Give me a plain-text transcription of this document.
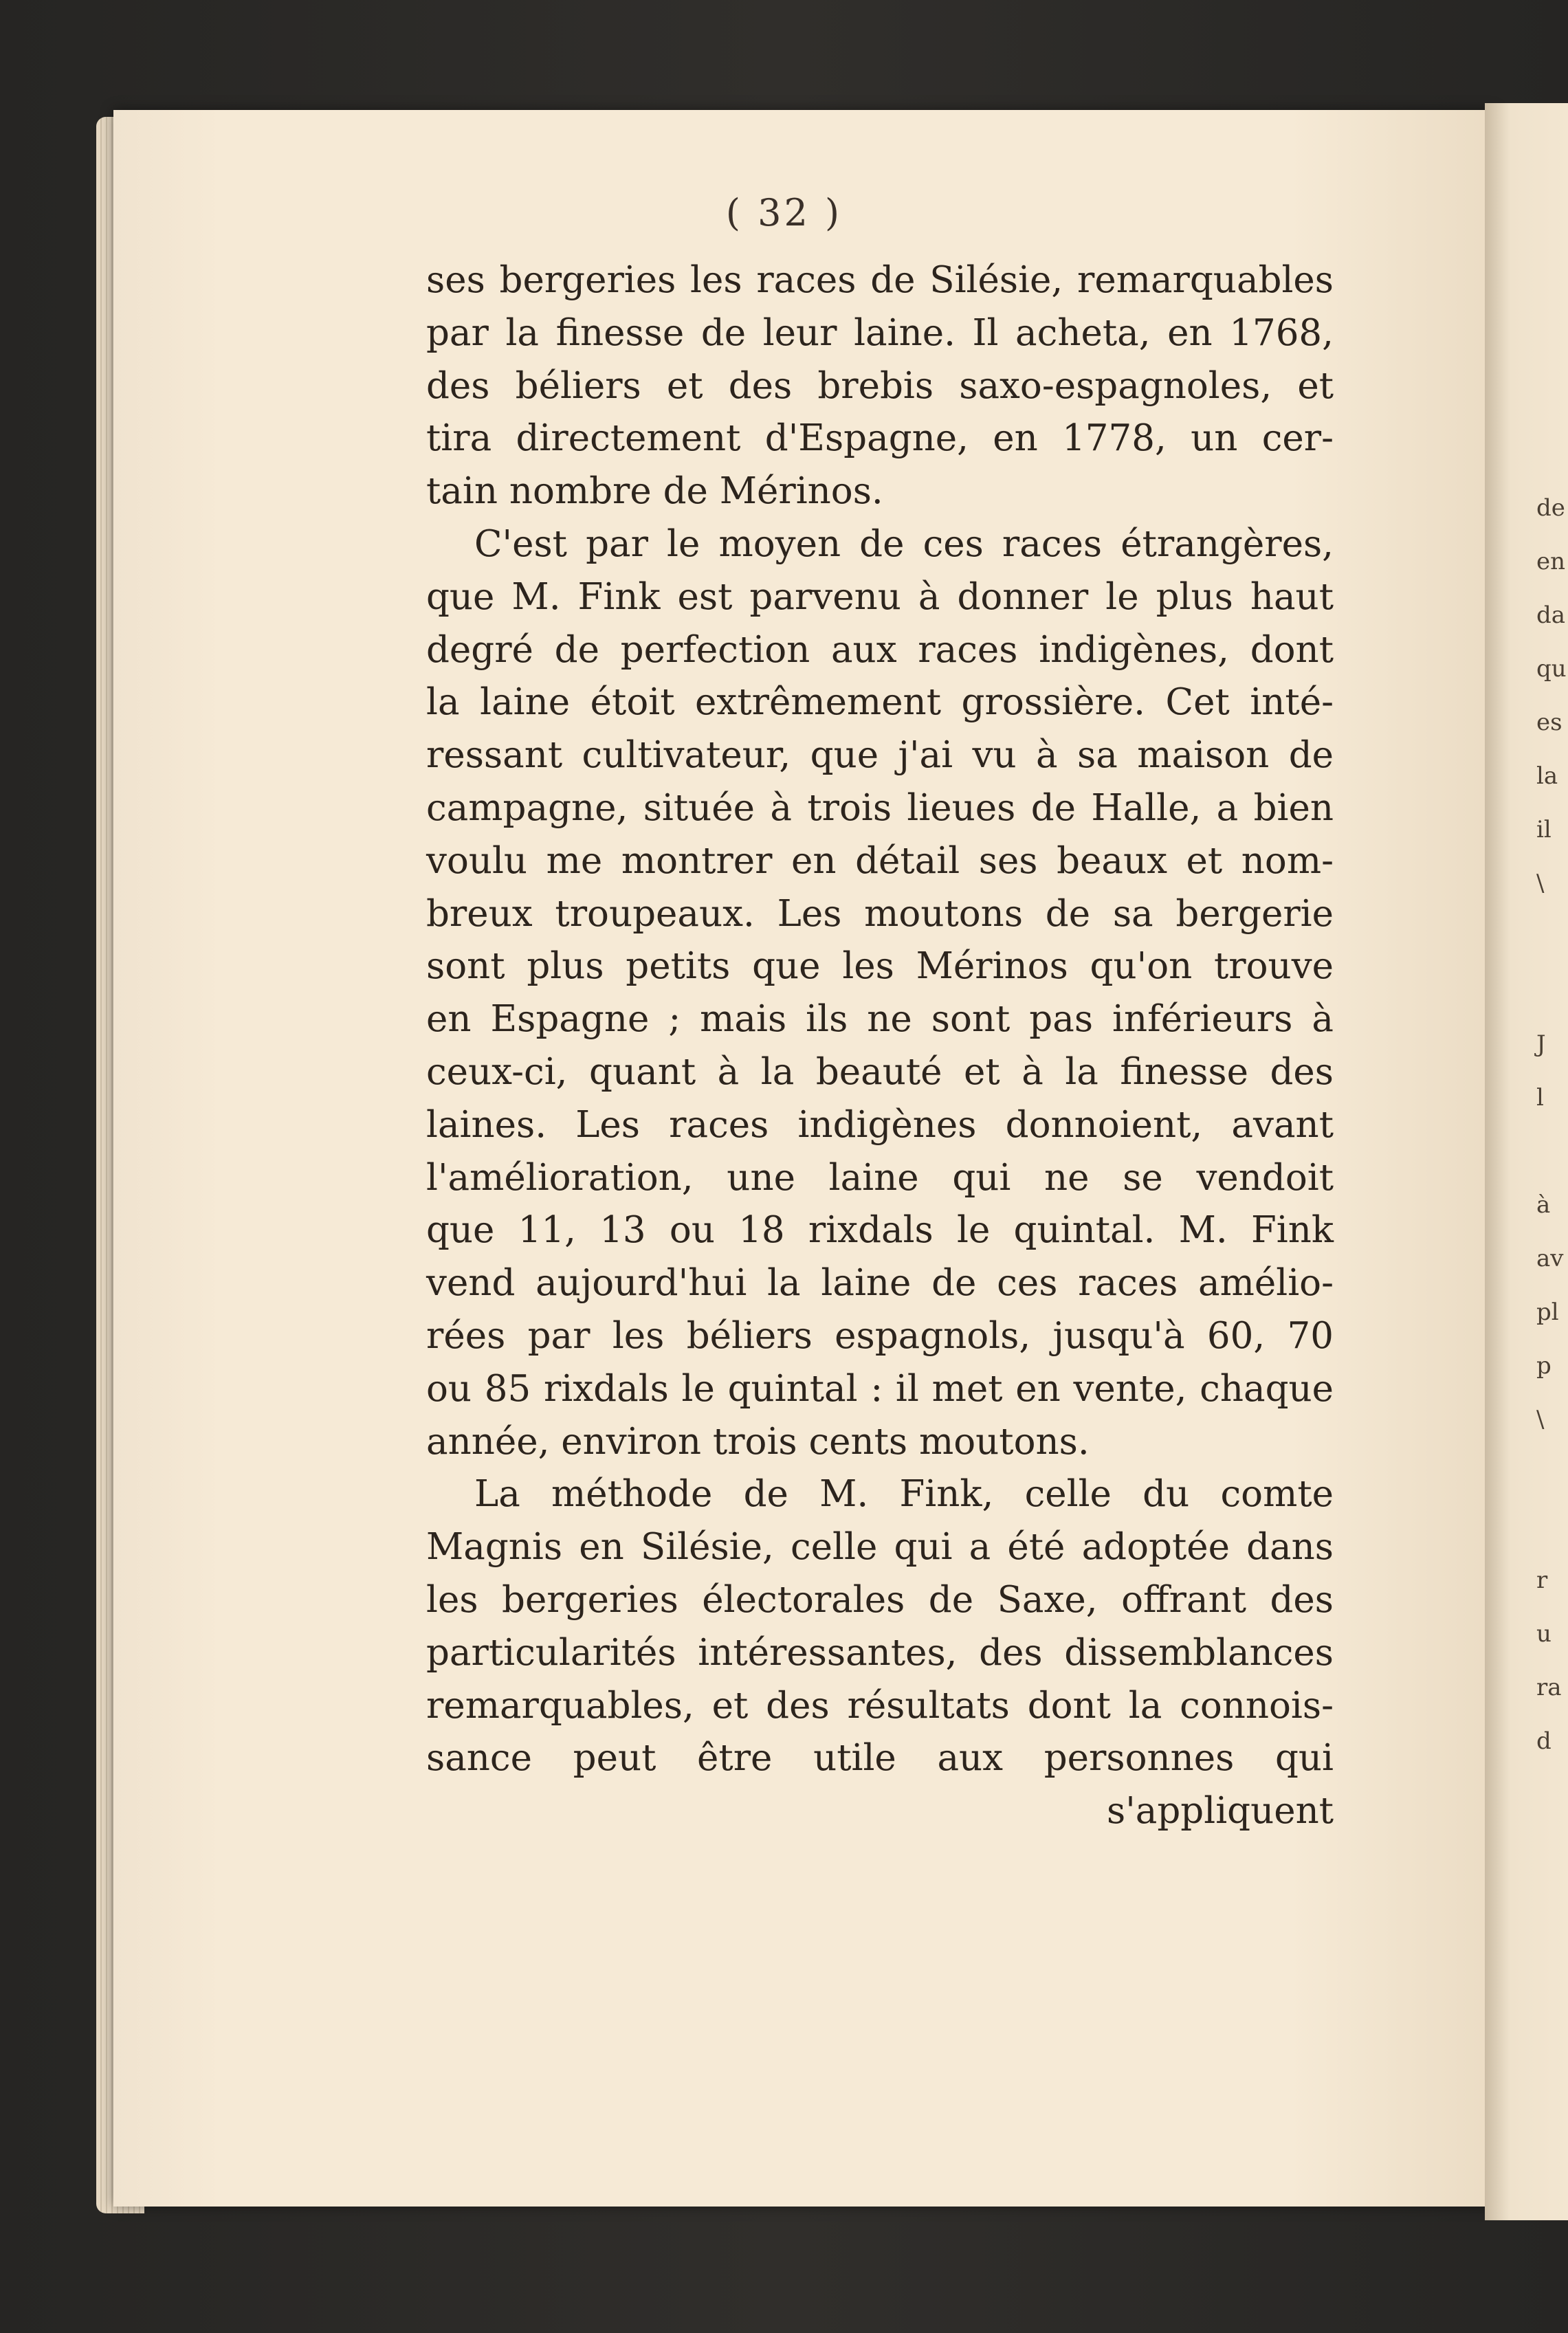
de
en
da
qu
es
la
il
\
J
l
à
av
pl
p
\
r
u
ra
d
( 32 )
ses bergeries les races de Silésie, remarquables
par la finesse de leur laine. Il acheta, en 1768,
des béliers et des brebis saxo-espagnoles, et
tira directement d'Espagne, en 1778, un cer-
tain nombre de Mérinos.
C'est par le moyen de ces races étrangères,
que M. Fink est parvenu à donner le plus haut
degré de perfection aux races indigènes, dont
la laine étoit extrêmement grossière. Cet inté-
ressant cultivateur, que j'ai vu à sa maison de
campagne, située à trois lieues de Halle, a bien
voulu me montrer en détail ses beaux et nom-
breux troupeaux. Les moutons de sa bergerie
sont plus petits que les Mérinos qu'on trouve
en Espagne ; mais ils ne sont pas inférieurs à
ceux-ci, quant à la beauté et à la finesse des
laines. Les races indigènes donnoient, avant
l'amélioration, une laine qui ne se vendoit
que 11, 13 ou 18 rixdals le quintal. M. Fink
vend aujourd'hui la laine de ces races amélio-
rées par les béliers espagnols, jusqu'à 60, 70
ou 85 rixdals le quintal : il met en vente, chaque
année, environ trois cents moutons.
La méthode de M. Fink, celle du comte
Magnis en Silésie, celle qui a été adoptée dans
les bergeries électorales de Saxe, offrant des
particularités intéressantes, des dissemblances
remarquables, et des résultats dont la connois-
sance peut être utile aux personnes qui
s'appliquent
